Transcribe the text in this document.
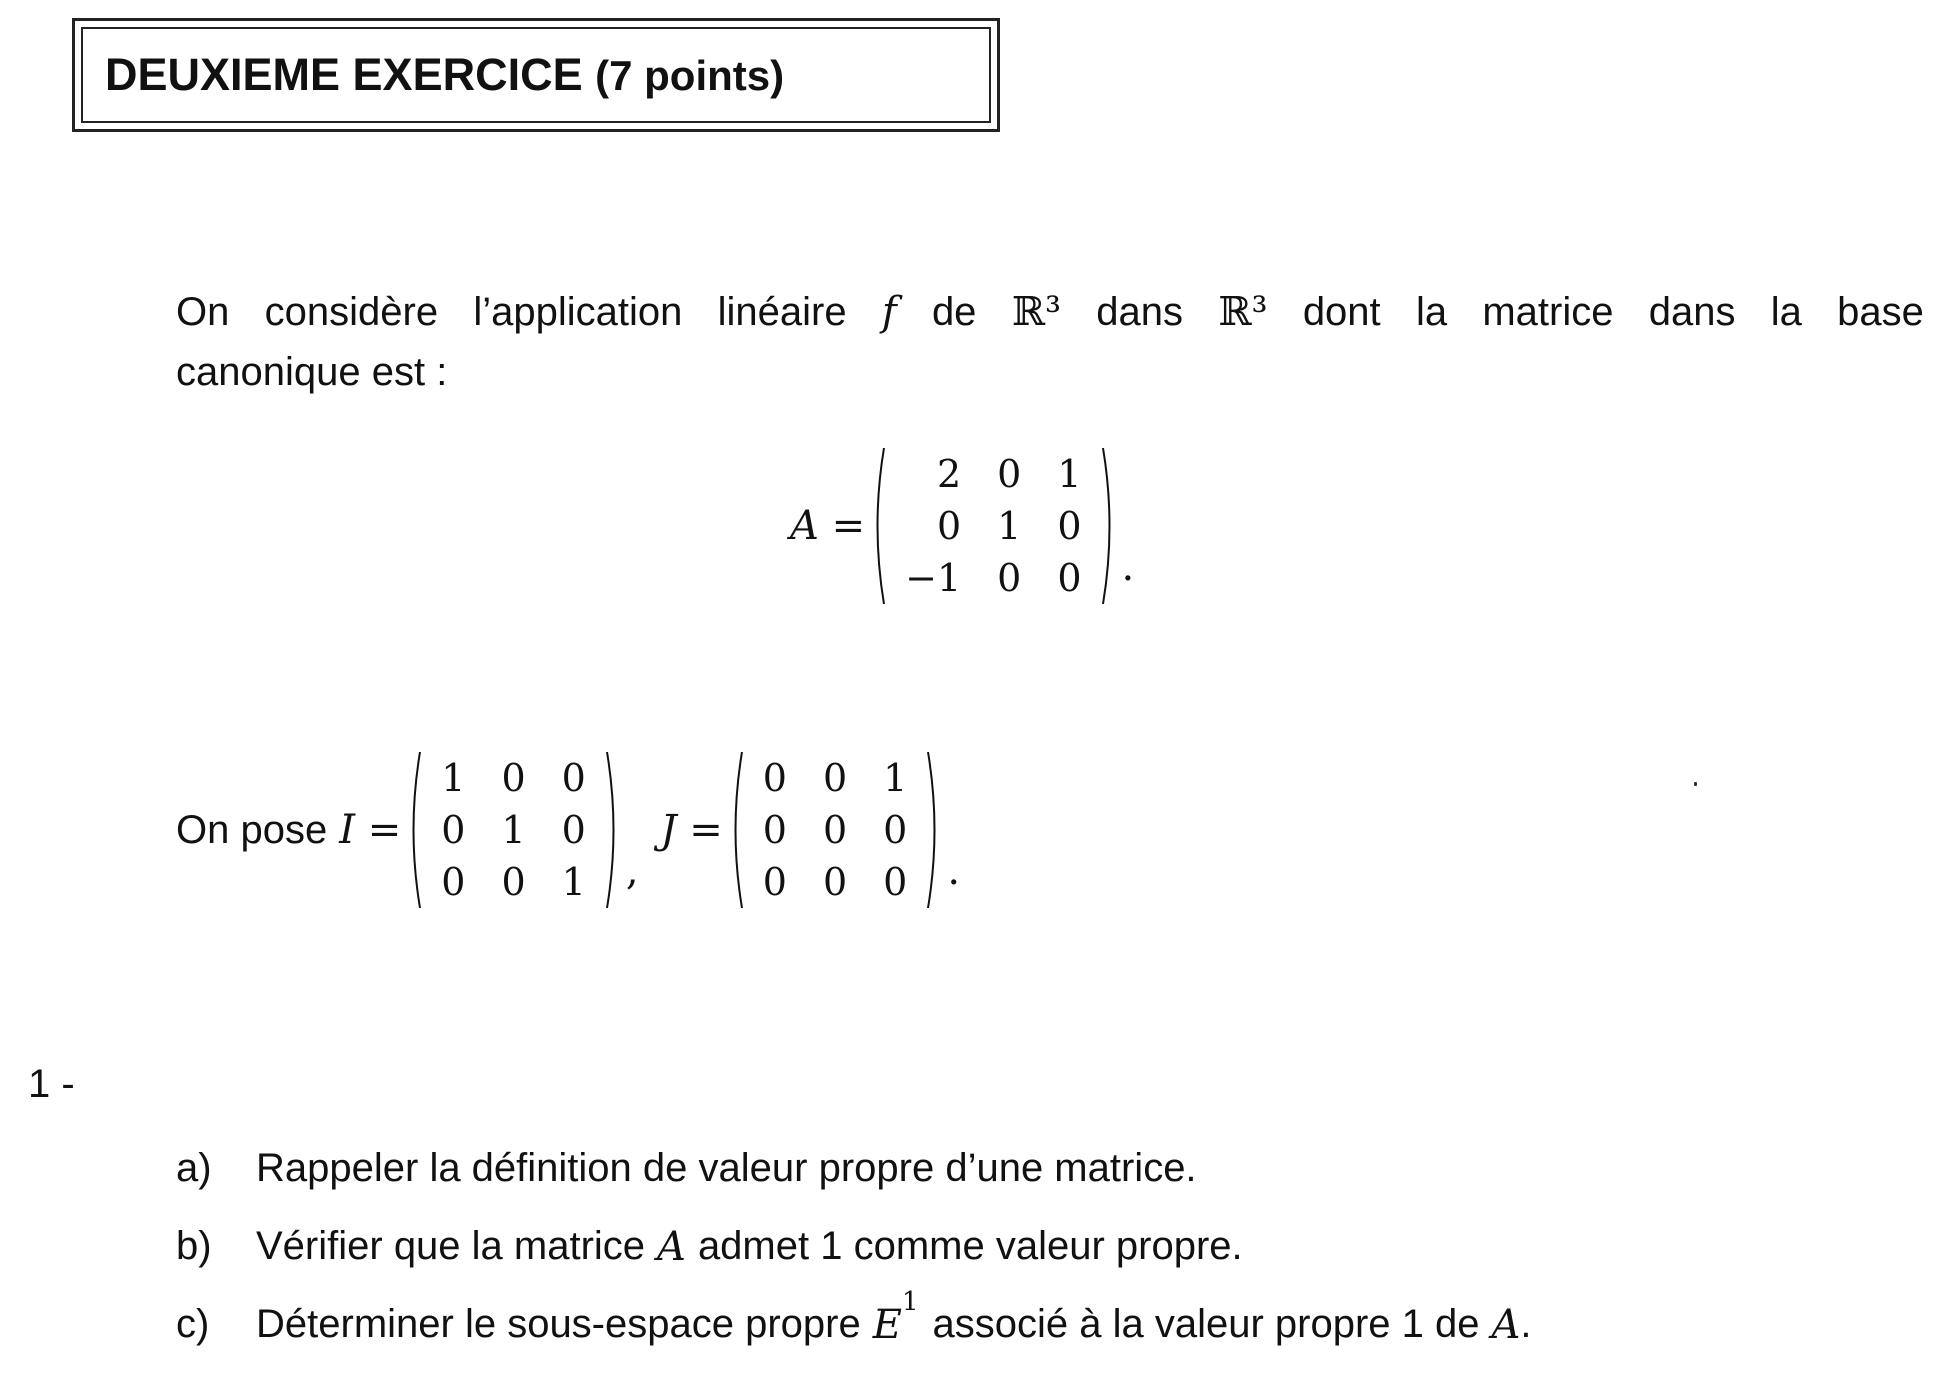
DEUXIEME EXERCICE (7 points)
On considère l’application linéaire f de ℝ³ dans ℝ³ dont la matrice dans la base
canonique est :
A =
2	0	1
0	1	0
−1	0	0 .
On pose I =
1	0	0
0	1	0
0	0	1 ,
J =
0	0	1
0	0	0
0	0	0 .
1 -
a)	Rappeler la définition de valeur propre d’une matrice.
b)	Vérifier que la matrice A admet 1 comme valeur propre.
c)	Déterminer le sous-espace propre E 1 associé à la valeur propre 1 de A .
